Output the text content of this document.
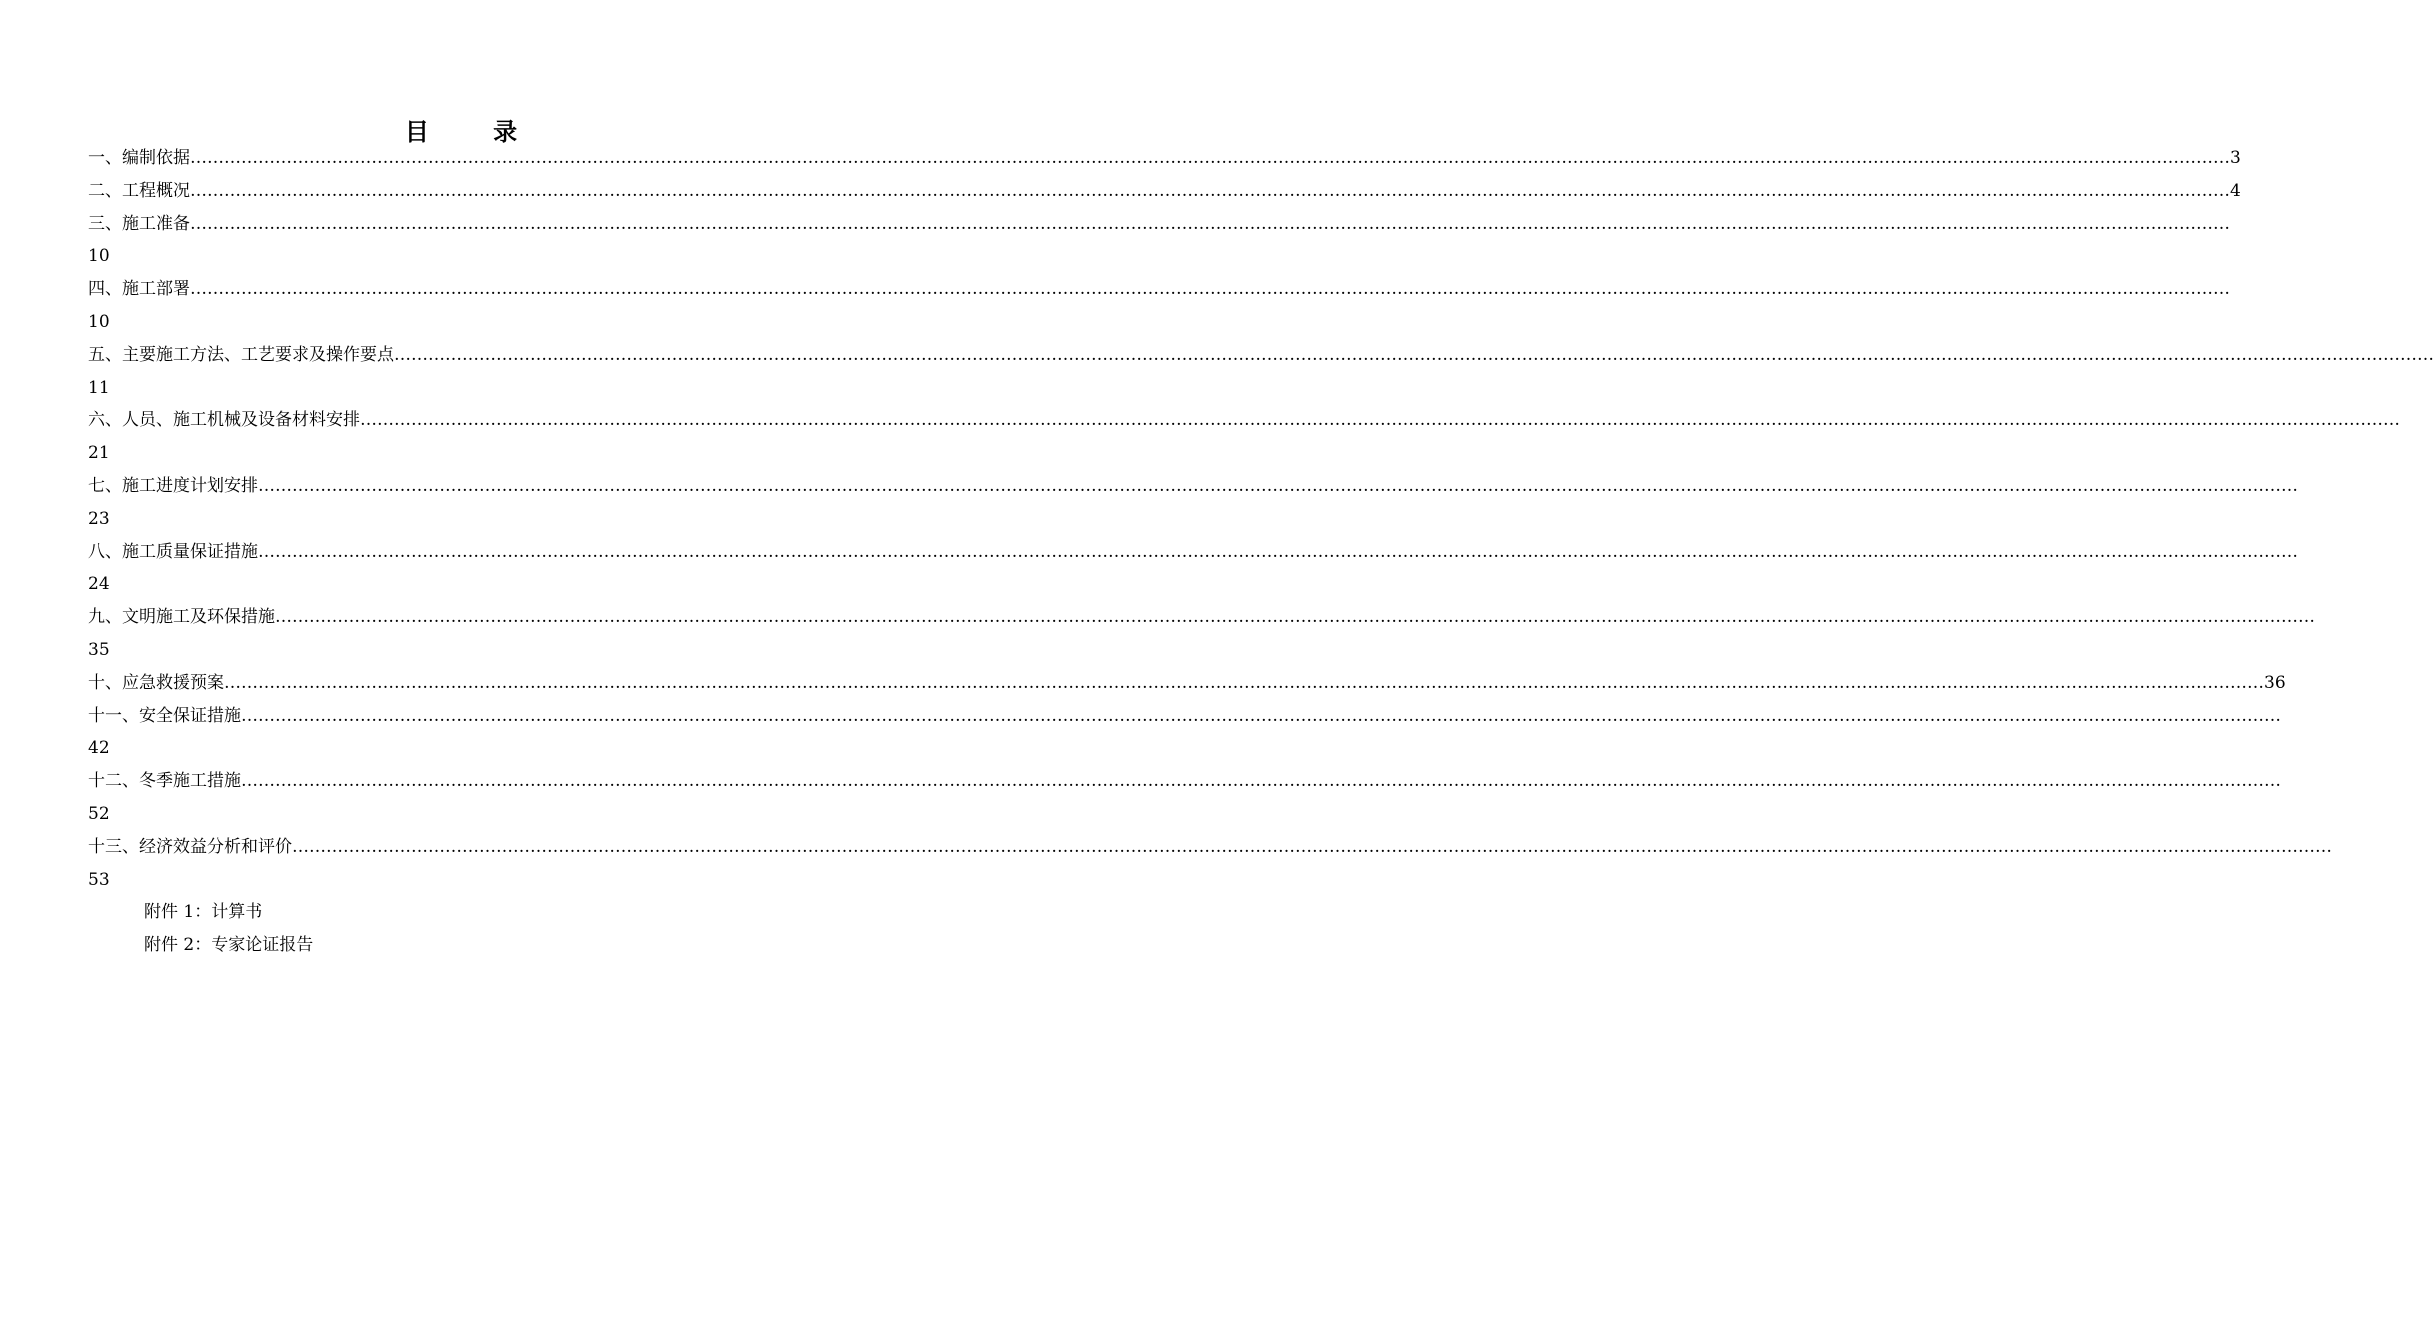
目 录
一、编制依据 ……………………………………………………………………………………………………………………………………………………………………………………………………………………………………………………………………………………………………………………………… 3
二、工程概况 ……………………………………………………………………………………………………………………………………………………………………………………………………………………………………………………………………………………………………………………………… 4
三、施工准备 ………………………………………………………………………………………………………………………………………………………………………………………………………………………………………………………………………………………………………………………………
10
四、施工部署 ………………………………………………………………………………………………………………………………………………………………………………………………………………………………………………………………………………………………………………………………
10
五、主要施工方法、工艺要求及操作要点 ………………………………………………………………………………………………………………………………………………………………………………………………………………………………………………………………………………………………………………………………
11
六、人员、施工机械及设备材料安排 ………………………………………………………………………………………………………………………………………………………………………………………………………………………………………………………………………………………………………………………………
21
七、施工进度计划安排 ………………………………………………………………………………………………………………………………………………………………………………………………………………………………………………………………………………………………………………………………
23
八、施工质量保证措施 ………………………………………………………………………………………………………………………………………………………………………………………………………………………………………………………………………………………………………………………………
24
九、文明施工及环保措施 ………………………………………………………………………………………………………………………………………………………………………………………………………………………………………………………………………………………………………………………………
35
十、应急救援预案 ……………………………………………………………………………………………………………………………………………………………………………………………………………………………………………………………………………………………………………………………… 36
十一、安全保证措施 ………………………………………………………………………………………………………………………………………………………………………………………………………………………………………………………………………………………………………………………………
42
十二、冬季施工措施 ………………………………………………………………………………………………………………………………………………………………………………………………………………………………………………………………………………………………………………………………
52
十三、经济效益分析和评价 ………………………………………………………………………………………………………………………………………………………………………………………………………………………………………………………………………………………………………………………………
53
附件 1：计算书
附件 2：专家论证报告
